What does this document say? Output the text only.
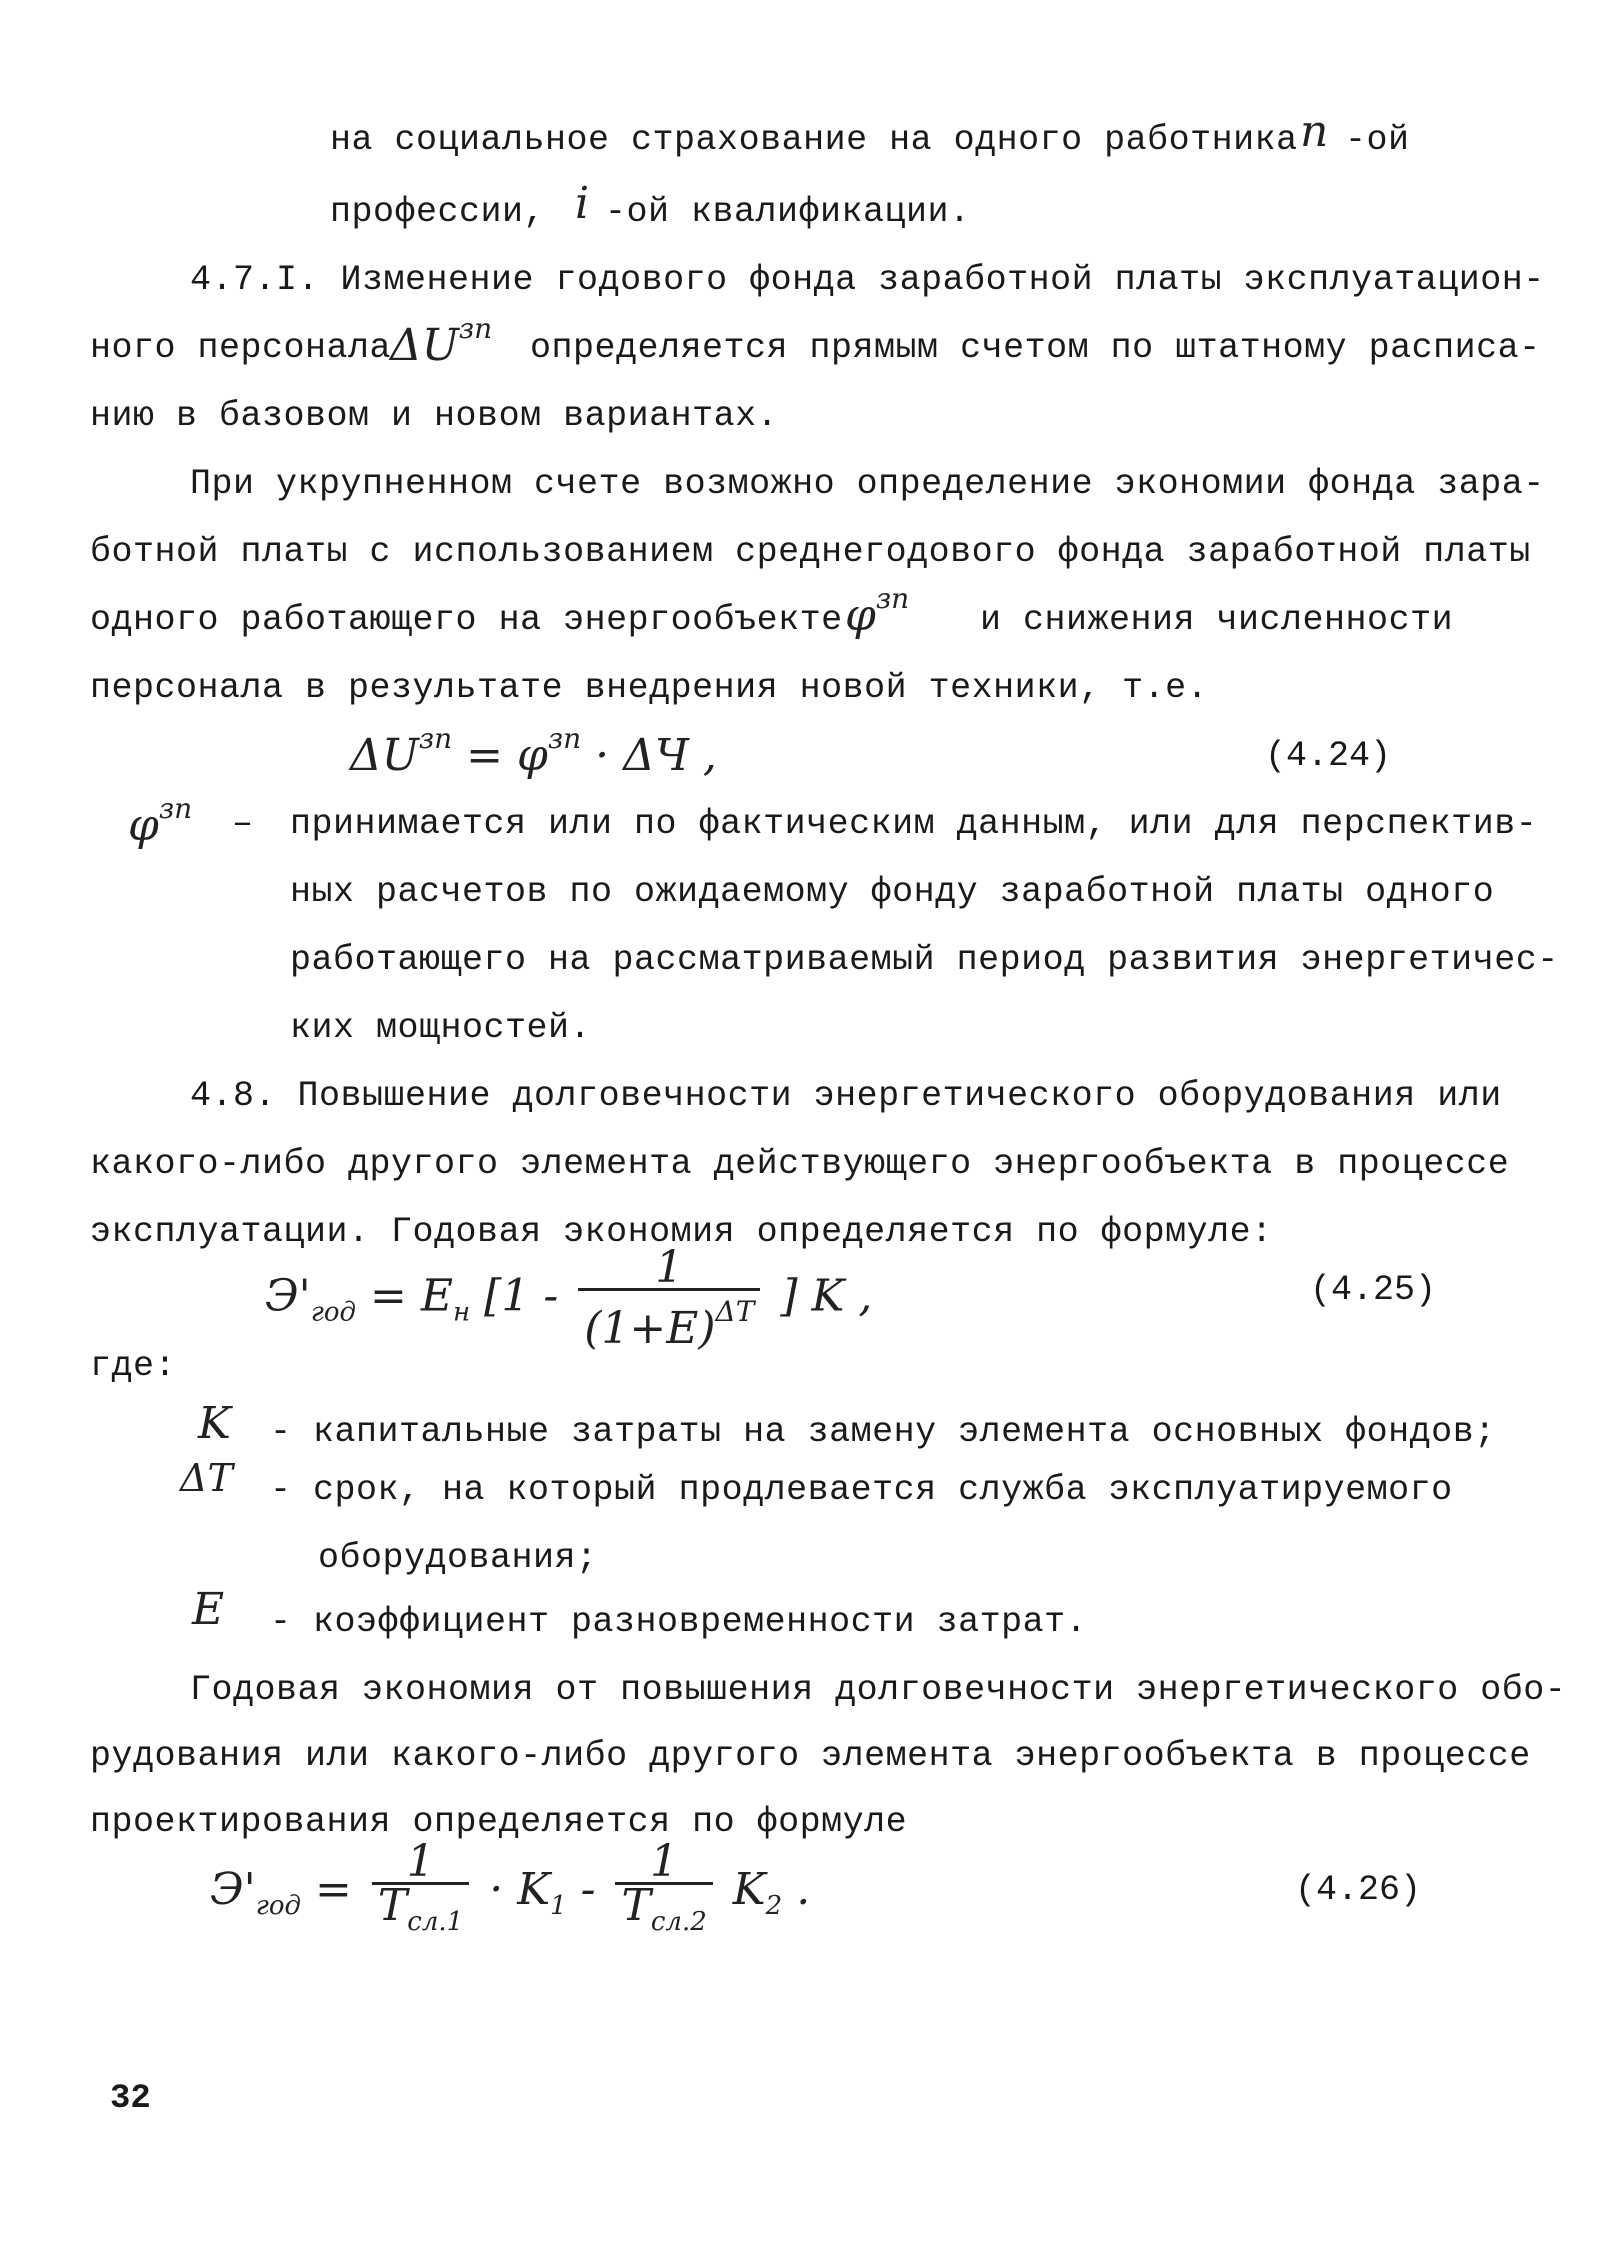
на социальное страхование на одного работника n -ой
профессии, i -ой квалификации.
4.7.I. Изменение годового фонда заработной платы эксплуатацион-
ного персонала
$\Delta U^{зп}$ определяется прямым счетом по штатному расписа-
нию в базовом и новом вариантах.
При укрупненном счете возможно определение экономии фонда зара-
ботной платы с использованием среднегодового фонда заработной платы
одного работающего на энергообъекте $\varphi^{зп}$
и снижения численности
персонала в результате внедрения новой техники, т.е.
$\Delta U^{зп} = \varphi^{зп} \cdot \Delta Ч$ ,	(4.24)
$\varphi^{зп}$ – принимается или по фактическим данным, или для перспектив-
ных расчетов по ожидаемому фонду заработной платы одного
работающего на рассматриваемый период развития энергетичес-
ких мощностей.
4.8. Повышение долговечности энергетического оборудования или
какого-либо другого элемента действующего энергообъекта в процессе
эксплуатации. Годовая экономия определяется по формуле:
$Э'_{год} = E_н$ [$1 - \frac{1}{(1+E)^{\Delta T}}$ ] K ,	(4.25)
где:
K - капитальные затраты на замену элемента основных фондов;
ΔT - срок, на который продлевается служба эксплуатируемого
оборудования;
E - коэффициент разновременности затрат.
Годовая экономия от повышения долговечности энергетического обо-
рудования или какого-либо другого элемента энергообъекта в процессе
проектирования определяется по формуле
$Э'_{год} = \frac{1}{T_{сл.1}} \cdot K_1 - \frac{1}{T_{сл.2}} K_2$ .	(4.26)
32
